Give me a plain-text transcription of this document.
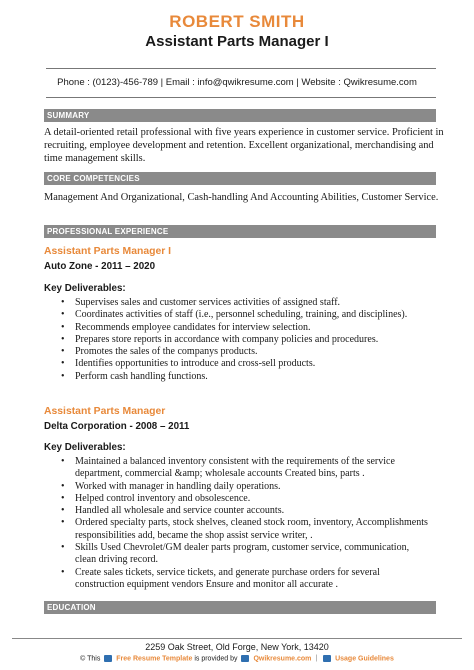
ROBERT SMITH
Assistant Parts Manager I
Phone : (0123)-456-789 | Email : info@qwikresume.com | Website : Qwikresume.com
SUMMARY
A detail-oriented retail professional with five years experience in customer service. Proficient in recruiting, employee development and retention. Excellent organizational, merchandising and time management skills.
CORE COMPETENCIES
Management And Organizational, Cash-handling And Accounting Abilities, Customer Service.
PROFESSIONAL EXPERIENCE
Assistant Parts Manager I
Auto Zone - 2011 – 2020
Key Deliverables:
• Supervises sales and customer services activities of assigned staff.
• Coordinates activities of staff (i.e., personnel scheduling, training, and disciplines).
• Recommends employee candidates for interview selection.
• Prepares store reports in accordance with company policies and procedures.
• Promotes the sales of the companys products.
• Identifies opportunities to introduce and cross-sell products.
• Perform cash handling functions.
Assistant Parts Manager
Delta Corporation - 2008 – 2011
Key Deliverables:
• Maintained a balanced inventory consistent with the requirements of the service department, commercial &amp; wholesale accounts Created bins, parts .
• Worked with manager in handling daily operations.
• Helped control inventory and obsolescence.
• Handled all wholesale and service counter accounts.
• Ordered specialty parts, stock shelves, cleaned stock room, inventory, Accomplishments responsibilities add, became the shop assist service writer, .
• Skills Used Chevrolet/GM dealer parts program, customer service, communication, clean driving record.
• Create sales tickets, service tickets, and generate purchase orders for several construction equipment vendors Ensure and monitor all accurate .
EDUCATION
2259 Oak Street, Old Forge, New York, 13420
© This Free Resume Template is provided by Qwikresume.com |	Usage Guidelines
